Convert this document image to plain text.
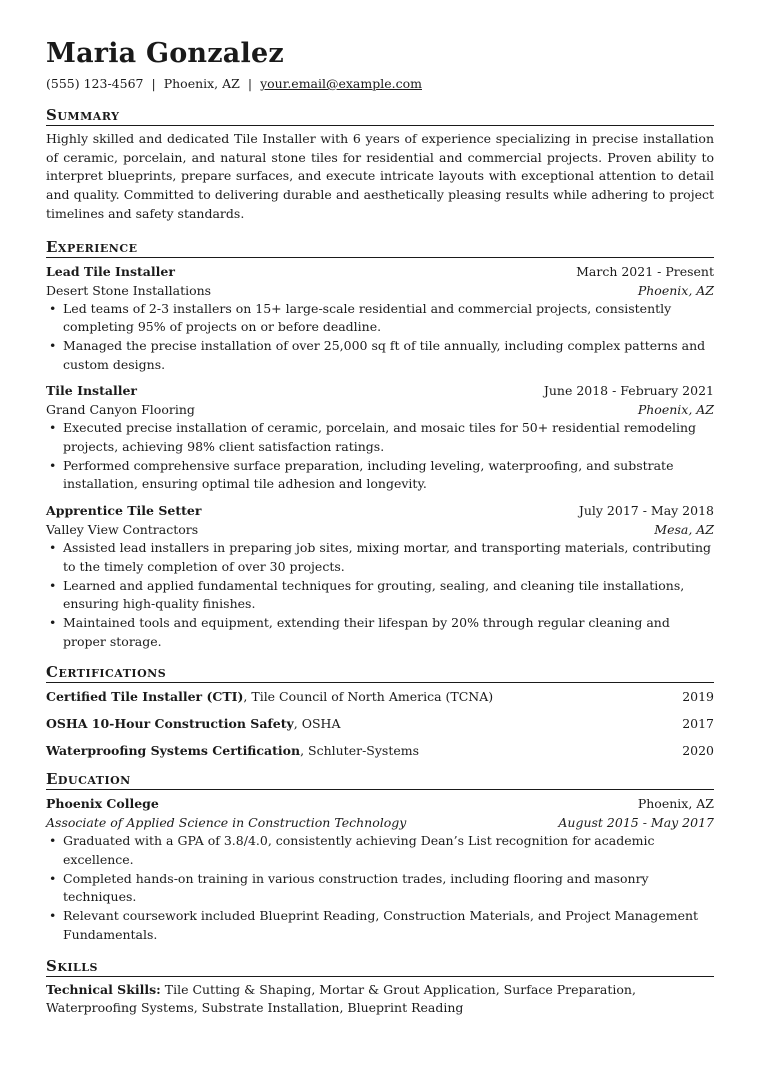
Maria Gonzalez
(555) 123-4567 | Phoenix, AZ | your.email@example.com
Summary
Highly skilled and dedicated Tile Installer with 6 years of experience specializing in precise installation of ceramic, porcelain, and natural stone tiles for residential and commercial projects. Proven ability to interpret blueprints, prepare surfaces, and execute intricate layouts with exceptional attention to detail and quality. Committed to delivering durable and aesthetically pleasing results while adhering to project timelines and safety standards.
Experience
Lead Tile Installer	March 2021 - Present
Desert Stone Installations	Phoenix, AZ
• Led teams of 2-3 installers on 15+ large-scale residential and commercial projects, consistently completing 95% of projects on or before deadline.
• Managed the precise installation of over 25,000 sq ft of tile annually, including complex patterns and custom designs.
Tile Installer	June 2018 - February 2021
Grand Canyon Flooring	Phoenix, AZ
• Executed precise installation of ceramic, porcelain, and mosaic tiles for 50+ residential remodeling projects, achieving 98% client satisfaction ratings.
• Performed comprehensive surface preparation, including leveling, waterproofing, and substrate installation, ensuring optimal tile adhesion and longevity.
Apprentice Tile Setter	July 2017 - May 2018
Valley View Contractors	Mesa, AZ
• Assisted lead installers in preparing job sites, mixing mortar, and transporting materials, contributing to the timely completion of over 30 projects.
• Learned and applied fundamental techniques for grouting, sealing, and cleaning tile installations, ensuring high-quality finishes.
• Maintained tools and equipment, extending their lifespan by 20% through regular cleaning and proper storage.
Certifications
Certified Tile Installer (CTI), Tile Council of North America (TCNA)	2019
OSHA 10-Hour Construction Safety, OSHA	2017
Waterproofing Systems Certification, Schluter-Systems	2020
Education
Phoenix College	Phoenix, AZ
Associate of Applied Science in Construction Technology	August 2015 - May 2017
• Graduated with a GPA of 3.8/4.0, consistently achieving Dean’s List recognition for academic excellence.
• Completed hands-on training in various construction trades, including flooring and masonry techniques.
• Relevant coursework included Blueprint Reading, Construction Materials, and Project Management Fundamentals.
Skills
Technical Skills: Tile Cutting & Shaping, Mortar & Grout Application, Surface Preparation, Waterproofing Systems, Substrate Installation, Blueprint Reading
